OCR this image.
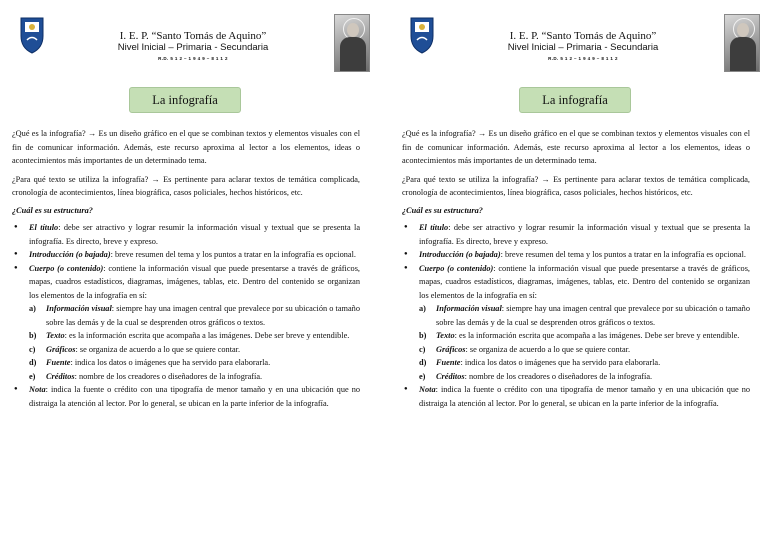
I. E. P. “Santo Tomás de Aquino”
Nivel Inicial – Primaria - Secundaria
R.D. 5 1 2 – 1 9 4 9 – 8 1 1 2
La infografía

¿Qué es la infografía? → Es un diseño gráfico en el que se combinan textos y elementos visuales con el fin de comunicar información. Además, este recurso aproxima al lector a los elementos, ideas o acontecimientos más importantes de un determinado tema.

¿Para qué texto se utiliza la infografía? → Es pertinente para aclarar textos de temática complicada, cronología de acontecimientos, línea biográfica, casos policiales, hechos históricos, etc.

¿Cuál es su estructura?

● El título: debe ser atractivo y lograr resumir la información visual y textual que se presenta la infografía. Es directo, breve y expreso.
● Introducción (o bajada): breve resumen del tema y los puntos a tratar en la infografía es opcional.
● Cuerpo (o contenido): contiene la información visual que puede presentarse a través de gráficos, mapas, cuadros estadísticos, diagramas, imágenes, tablas, etc. Dentro del contenido se organizan los elementos de la infografía en sí:
a) Información visual: siempre hay una imagen central que prevalece por su ubicación o tamaño sobre las demás y de la cual se desprenden otros gráficos o textos.
b) Texto: es la información escrita que acompaña a las imágenes. Debe ser breve y entendible.
c) Gráficos: se organiza de acuerdo a lo que se quiere contar.
d) Fuente: indica los datos o imágenes que ha servido para elaborarla.
e) Créditos: nombre de los creadores o diseñadores de la infografía.
● Nota: indica la fuente o crédito con una tipografía de menor tamaño y en una ubicación que no distraiga la atención al lector. Por lo general, se ubican en la parte inferior de la infografía.
I. E. P. “Santo Tomás de Aquino”
Nivel Inicial – Primaria - Secundaria
R.D. 5 1 2 – 1 9 4 9 – 8 1 1 2
La infografía

¿Qué es la infografía? → Es un diseño gráfico en el que se combinan textos y elementos visuales con el fin de comunicar información. Además, este recurso aproxima al lector a los elementos, ideas o acontecimientos más importantes de un determinado tema.

¿Para qué texto se utiliza la infografía? → Es pertinente para aclarar textos de temática complicada, cronología de acontecimientos, línea biográfica, casos policiales, hechos históricos, etc.

¿Cuál es su estructura?

● El título: debe ser atractivo y lograr resumir la información visual y textual que se presenta la infografía. Es directo, breve y expreso.
● Introducción (o bajada): breve resumen del tema y los puntos a tratar en la infografía es opcional.
● Cuerpo (o contenido): contiene la información visual que puede presentarse a través de gráficos, mapas, cuadros estadísticos, diagramas, imágenes, tablas, etc. Dentro del contenido se organizan los elementos de la infografía en sí:
a) Información visual: siempre hay una imagen central que prevalece por su ubicación o tamaño sobre las demás y de la cual se desprenden otros gráficos o textos.
b) Texto: es la información escrita que acompaña a las imágenes. Debe ser breve y entendible.
c) Gráficos: se organiza de acuerdo a lo que se quiere contar.
d) Fuente: indica los datos o imágenes que ha servido para elaborarla.
e) Créditos: nombre de los creadores o diseñadores de la infografía.
● Nota: indica la fuente o crédito con una tipografía de menor tamaño y en una ubicación que no distraiga la atención al lector. Por lo general, se ubican en la parte inferior de la infografía.
